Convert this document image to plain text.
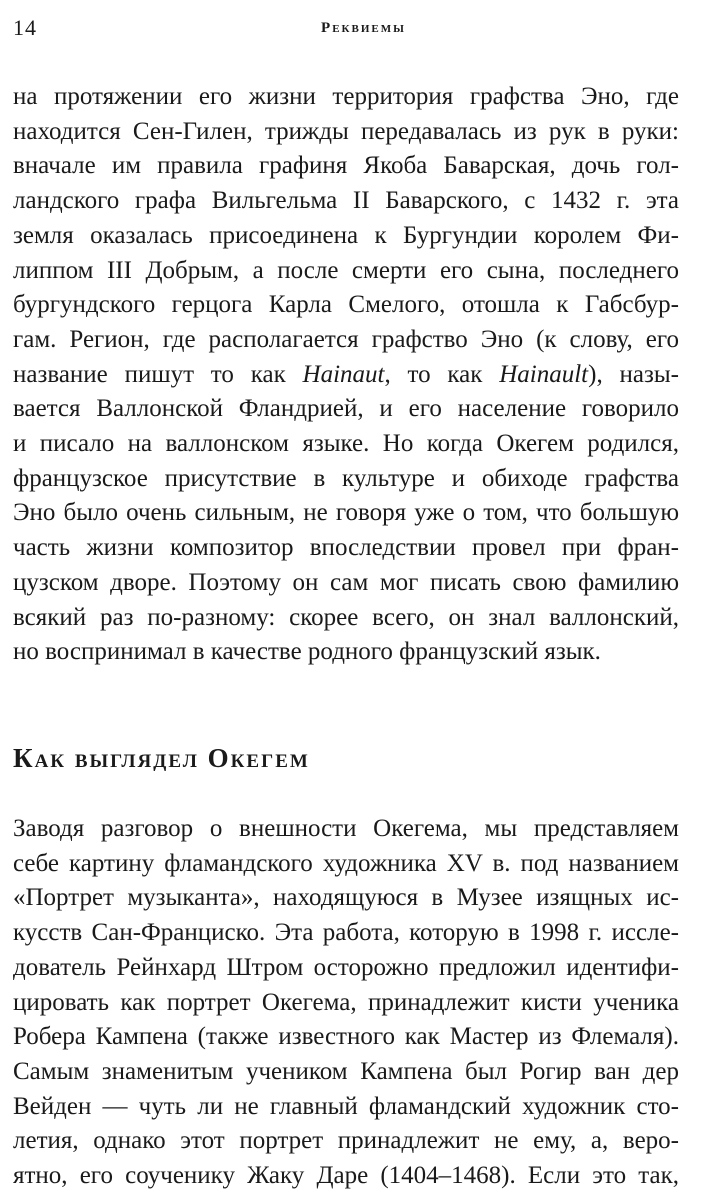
14	Реквиемы
на протяжении его жизни территория графства Эно, где
находится Сен-Гилен, трижды передавалась из рук в руки:
вначале им правила графиня Якоба Баварская, дочь гол-
ландского графа Вильгельма II Баварского, с 1432 г. эта
земля оказалась присоединена к Бургундии королем Фи-
липпом III Добрым, а после смерти его сына, последнего
бургундского герцога Карла Смелого, отошла к Габсбур-
гам. Регион, где располагается графство Эно (к слову, его
название пишут то как Hainaut, то как Hainault), назы-
вается Валлонской Фландрией, и его население говорило
и писало на валлонском языке. Но когда Окегем родился,
французское присутствие в культуре и обиходе графства
Эно было очень сильным, не говоря уже о том, что большую
часть жизни композитор впоследствии провел при фран-
цузском дворе. Поэтому он сам мог писать свою фамилию
всякий раз по-разному: скорее всего, он знал валлонский,
но воспринимал в качестве родного французский язык.
Как выглядел Окегем
Заводя разговор о внешности Окегема, мы представляем
себе картину фламандского художника XV в. под названием
«Портрет музыканта», находящуюся в Музее изящных ис-
кусств Сан-Франциско. Эта работа, которую в 1998 г. иссле-
дователь Рейнхард Штром осторожно предложил идентифи-
цировать как портрет Окегема, принадлежит кисти ученика
Робера Кампена (также известного как Мастер из Флемаля).
Самым знаменитым учеником Кампена был Рогир ван дер
Вейден — чуть ли не главный фламандский художник сто-
летия, однако этот портрет принадлежит не ему, а, веро-
ятно, его соученику Жаку Даре (1404–1468). Если это так,
